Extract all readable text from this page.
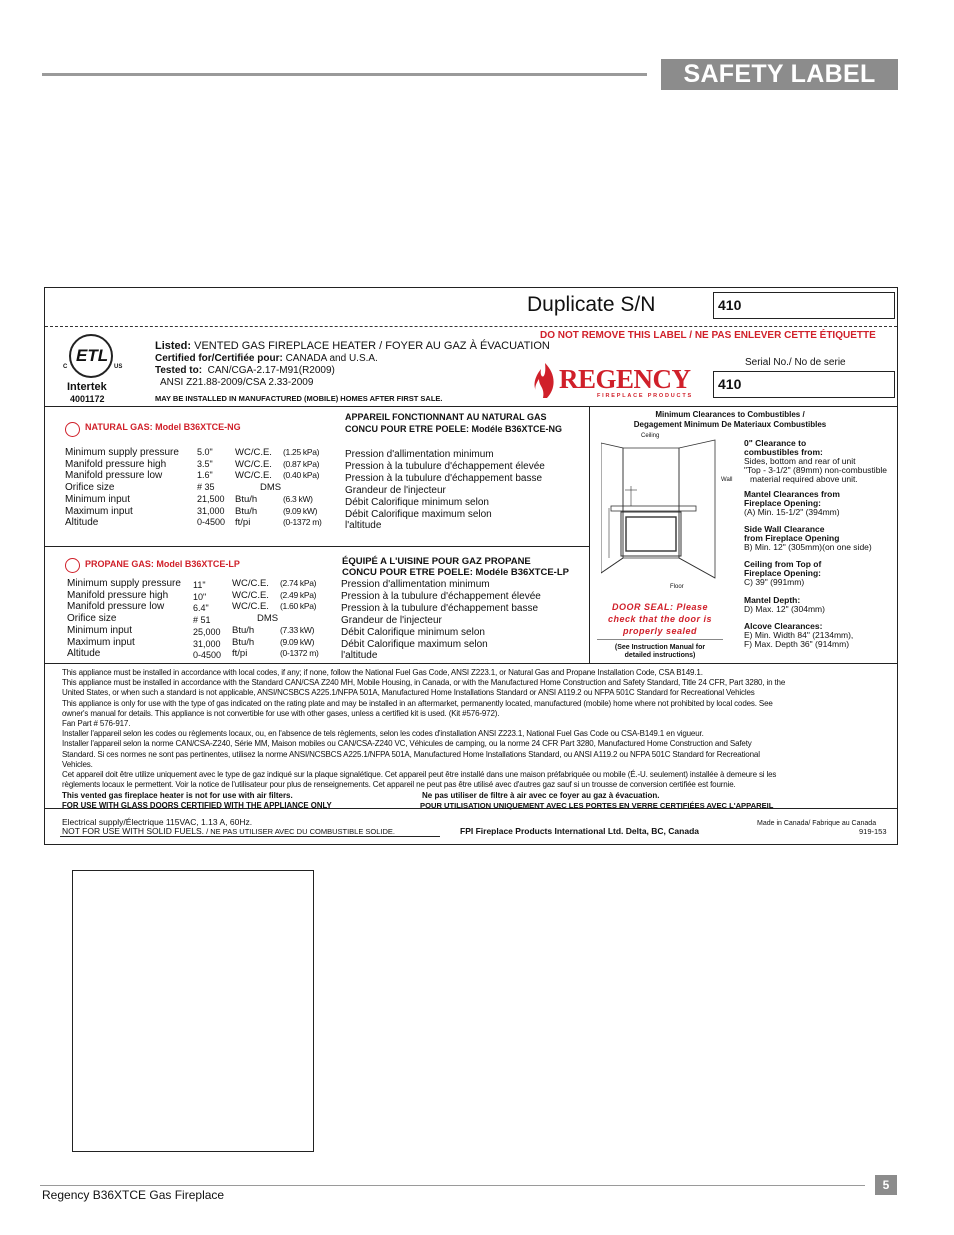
SAFETY LABEL
Duplicate S/N	410
DO NOT REMOVE THIS LABEL / NE PAS ENLEVER CETTE ÉTIQUETTE
Serial No./ No de serie
410
ETL
C	US
Intertek
4001172
Listed: VENTED GAS FIREPLACE HEATER / FOYER AU GAZ À ÉVACUATION
Certified for/Certifiée pour: CANADA and U.S.A.
Tested to: CAN/CGA-2.17-M91(R2009)
ANSI Z21.88-2009/CSA 2.33-2009
MAY BE INSTALLED IN MANUFACTURED (MOBILE) HOMES AFTER FIRST SALE.
REGENCY
FIREPLACE PRODUCTS
NATURAL GAS: Model B36XTCE-NG
APPAREIL FONCTIONNANT AU NATURAL GAS
CONCU POUR ETRE POELE: Modéle B36XTCE-NG
Minimum supply pressure 5.0" WC/C.E. (1.25 kPa)	Pression d'allimentation minimum
Manifold pressure high	3.5" WC/C.E. (0.87 kPa)	Pression à la tubulure d'échappement élevée
Manifold pressure low	1.6" WC/C.E. (0.40 kPa)	Pression à la tubulure d'échappement basse
Orifice size	# 35	DMS	Grandeur de l'injecteur
Minimum input	21,500 Btu/h	(6.3 kW)	Débit Calorifique minimum selon
Maximum input	31,000 Btu/h	(9.09 kW)	Débit Calorifique maximum selon
Altitude	0-4500 ft/pi	(0-1372 m) l'altitude
PROPANE GAS: Model B36XTCE-LP	ÉQUIPÉ A L'UISINE POUR GAZ PROPANE
CONCU POUR ETRE POELE: Modéle B36XTCE-LP
Minimum supply pressure 11"	WC/C.E. (2.74 kPa) Pression d'allimentation minimum
Manifold pressure high	10"	WC/C.E. (2.49 kPa) Pression à la tubulure d'échappement élevée
Manifold pressure low	6.4" WC/C.E. (1.60 kPa) Pression à la tubulure d'échappement basse
Orifice size	# 51	DMS	Grandeur de l'injecteur
Minimum input	25,000 Btu/h	(7.33 kW)	Débit Calorifique minimum selon
Maximum input	31,000 Btu/h	(9.09 kW)	Débit Calorifique maximum selon
Altitude	0-4500 ft/pi	(0-1372 m) l'altitude
Minimum Clearances to Combustibles /
Degagement Minimum De Materiaux Combustibles
Ceiling
Wall
Floor
DOOR SEAL: Please
check that the door is
properly sealed
(See Instruction Manual for
detailed instructions)
0" Clearance to
combustibles from:
Sides, bottom and rear of unit
"Top - 3-1/2" (89mm) non-combustible
material required above unit.
Mantel Clearances from
Fireplace Opening:
(A) Min. 15-1/2" (394mm)
Side Wall Clearance
from Fireplace Opening
B) Min. 12" (305mm)(on one side)
Ceiling from Top of
Fireplace Opening:
C) 39" (991mm)
Mantel Depth:
D) Max. 12" (304mm)
Alcove Clearances:
E) Min. Width 84" (2134mm),
F) Max. Depth 36" (914mm)
This appliance must be installed in accordance with local codes, if any; if none, follow the National Fuel Gas Code, ANSI Z223.1, or Natural Gas and Propane Installation Code, CSA B149.1.
This appliance must be installed in accordance with the Standard CAN/CSA Z240 MH, Mobile Housing, in Canada, or with the Manufactured Home Construction and Safety Standard, Title 24 CFR, Part 3280, in the
United States, or when such a standard is not applicable, ANSI/NCSBCS A225.1/NFPA 501A, Manufactured Home Installations Standard or ANSI A119.2 ou NFPA 501C Standard for Recreational Vehicles
This appliance is only for use with the type of gas indicated on the rating plate and may be installed in an aftermarket, permanently located, manufactured (mobile) home where not prohibited by local codes. See
owner's manual for details. This appliance is not convertible for use with other gases, unless a certified kit is used. (Kit #576-972).
Fan Part # 576-917.
Installer l'appareil selon les codes ou règlements locaux, ou, en l'absence de tels règlements, selon les codes d'installation ANSI Z223.1, National Fuel Gas Code ou CSA-B149.1 en vigueur.
Installer l'appareil selon la norme CAN/CSA-Z240, Série MM, Maison mobiles ou CAN/CSA-Z240 VC, Véhicules de camping, ou la norme 24 CFR Part 3280, Manufactured Home Construction and Safety
Standard. Si ces normes ne sont pas pertinentes, utilisez la norme ANSI/NCSBCS A225.1/NFPA 501A, Manufactured Home Installations Standard, ou ANSI A119.2 ou NFPA 501C Standard for Recreational
Vehicles.
Cet appareil doit être utilize uniquement avec le type de gaz indiqué sur la plaque signalétique. Cet appareil peut être installé dans une maison préfabriquée ou mobile (É.-U. seulement) installée à demeure si les
règlements locaux le permettent. Voir la notice de l'utilisateur pour plus de renseignements. Cet appareil ne peut pas être utilisé avec d'autres gaz sauf si un trousse de conversion certifiée est fournie.
This vented gas fireplace heater is not for use with air filters.	Ne pas utiliser de filtre à air avec ce foyer au gaz à évacuation.
FOR USE WITH GLASS DOORS CERTIFIED WITH THE APPLIANCE ONLY	POUR UTILISATION UNIQUEMENT AVEC LES PORTES EN VERRE CERTIFIÉES AVEC L'APPAREIL
Electrical supply/Électrique 115VAC, 1.13 A, 60Hz.
NOT FOR USE WITH SOLID FUELS. / NE PAS UTILISER AVEC DU COMBUSTIBLE SOLIDE.	FPI Fireplace Products International Ltd. Delta, BC, Canada
Made in Canada/ Fabrique au Canada
919-153
5
Regency B36XTCE Gas Fireplace
